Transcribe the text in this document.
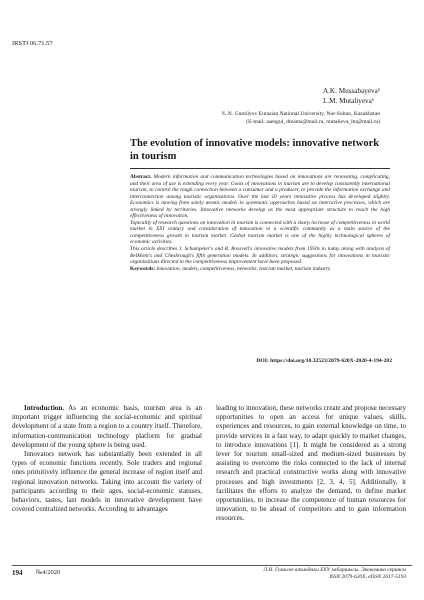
IRSTI 06.71.57
A.K. Mussabayeva¹
L.M. Mutaliyeva¹
¹L.N. Gumilyov Eurasian National University, Nur-Sultan, Kazakhstan
(E-mail: asengul_dreams@mail.ru, mutalieva_lm@mail.ru)
The evolution of innovative models: innovative network in tourism

Abstract. Modern information and communication technologies based on innovations are renovating, complicating, and their area of use is extending every year. Goals of innovations in tourism are to develop consistently international tourism, to control the tough connection between a consumer and a producer, to provide the information exchange and interconnection among touristic organizations. Over the last 10 years innovative process has developed slightly. Economics is moving from solely atomic models to systematic approaches based on interactive processes, which are strongly linked by territories. Innovative networks develop as the most appropriate structure to reach the high effectiveness of innovation.

Topicality of research questions on innovation in tourism is connected with a sharp increase of competitiveness in world market in XXI century and consideration of innovation in a scientific community as a main source of the competitiveness growth in tourism market. Global tourism market is one of the highly technological spheres of economic activities.

This article describes J. Schumpeter's and R. Rossvell's innovative models from 1950s to today along with analysis of BelMont's and Chesbrough's fifth generation models. In addition, strategic suggestions for innovations in touristic organizations directed to the competitiveness improvement have been proposed.

Keywords: innovation, models, competitiveness, networks, tourism market, tourism industry.

DOI: https://doi.org/10.32523/2079-620X-2020-4-194-202

Introduction. As an economic basis, tourism area is an important trigger influencing the social-economic and spiritual development of a state from a region to a country itself. Therefore, information-communication technology platform for gradual development of the young sphere is being used.

Innovators network has substantially been extended in all types of economic functions recently. Sole traders and regional ones primitively influence the general increase of region itself and regional innovation networks. Taking into account the variety of participants according to their ages, social-economic statuses, behaviors, tastes, last models in innovative development have covered centralized networks. According to advantages

leading to innovation, these networks create and propose necessary opportunities to open an access for unique values, skills, experiences and resources, to gain external knowledge on time, to provide services in a fast way, to adapt quickly to market changes, to introduce innovations [1]. It might be considered as a strong lever for tourism small-sized and medium-sized businesses by assisting to overcome the risks connected to the lack of internal research and practical constructive works along with innovative processes and high investments [2, 3, 4, 5]. Additionally, it facilitates the efforts to analyze the demand, to define market opportunities, to increase the competence of human resources for innovation, to be ahead of competitors and to gain information resources.

194 №4/2020	Л.Н. Гумилев атындағы ЕҰУ хабаршысы. Экономика сериясы
ISSN 2079-620X, eISSN 2617-5193
